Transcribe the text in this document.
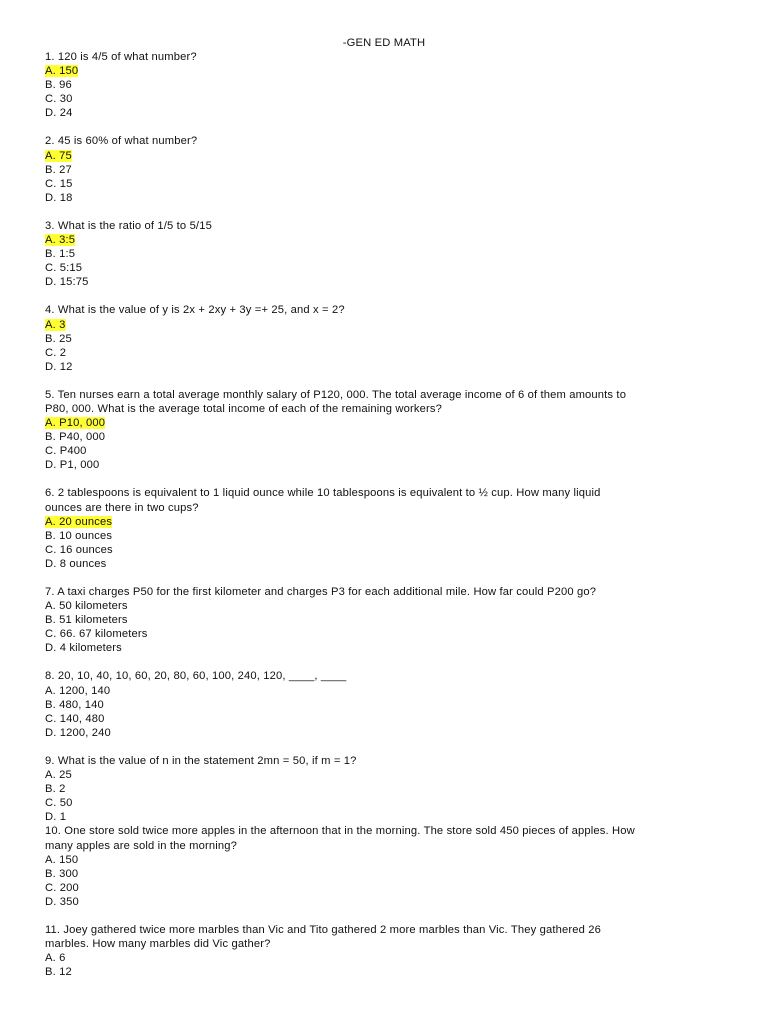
-GEN ED MATH
1. 120 is 4/5 of what number?
A. 150
B. 96
C. 30
D. 24
2. 45 is 60% of what number?
A. 75
B. 27
C. 15
D. 18
3. What is the ratio of 1/5 to 5/15
A. 3:5
B. 1:5
C. 5:15
D. 15:75
4. What is the value of y is 2x + 2xy + 3y =+ 25, and x = 2?
A. 3
B. 25
C. 2
D. 12
5. Ten nurses earn a total average monthly salary of P120, 000. The total average income of 6 of them amounts to
P80, 000. What is the average total income of each of the remaining workers?
A. P10, 000
B. P40, 000
C. P400
D. P1, 000
6. 2 tablespoons is equivalent to 1 liquid ounce while 10 tablespoons is equivalent to ½ cup. How many liquid
ounces are there in two cups?
A. 20 ounces
B. 10 ounces
C. 16 ounces
D. 8 ounces
7. A taxi charges P50 for the first kilometer and charges P3 for each additional mile. How far could P200 go?
A. 50 kilometers
B. 51 kilometers
C. 66. 67 kilometers
D. 4 kilometers
8. 20, 10, 40, 10, 60, 20, 80, 60, 100, 240, 120, ____, ____
A. 1200, 140
B. 480, 140
C. 140, 480
D. 1200, 240
9. What is the value of n in the statement 2mn = 50, if m = 1?
A. 25
B. 2
C. 50
D. 1
10. One store sold twice more apples in the afternoon that in the morning. The store sold 450 pieces of apples. How
many apples are sold in the morning?
A. 150
B. 300
C. 200
D. 350
11. Joey gathered twice more marbles than Vic and Tito gathered 2 more marbles than Vic. They gathered 26
marbles. How many marbles did Vic gather?
A. 6
B. 12
